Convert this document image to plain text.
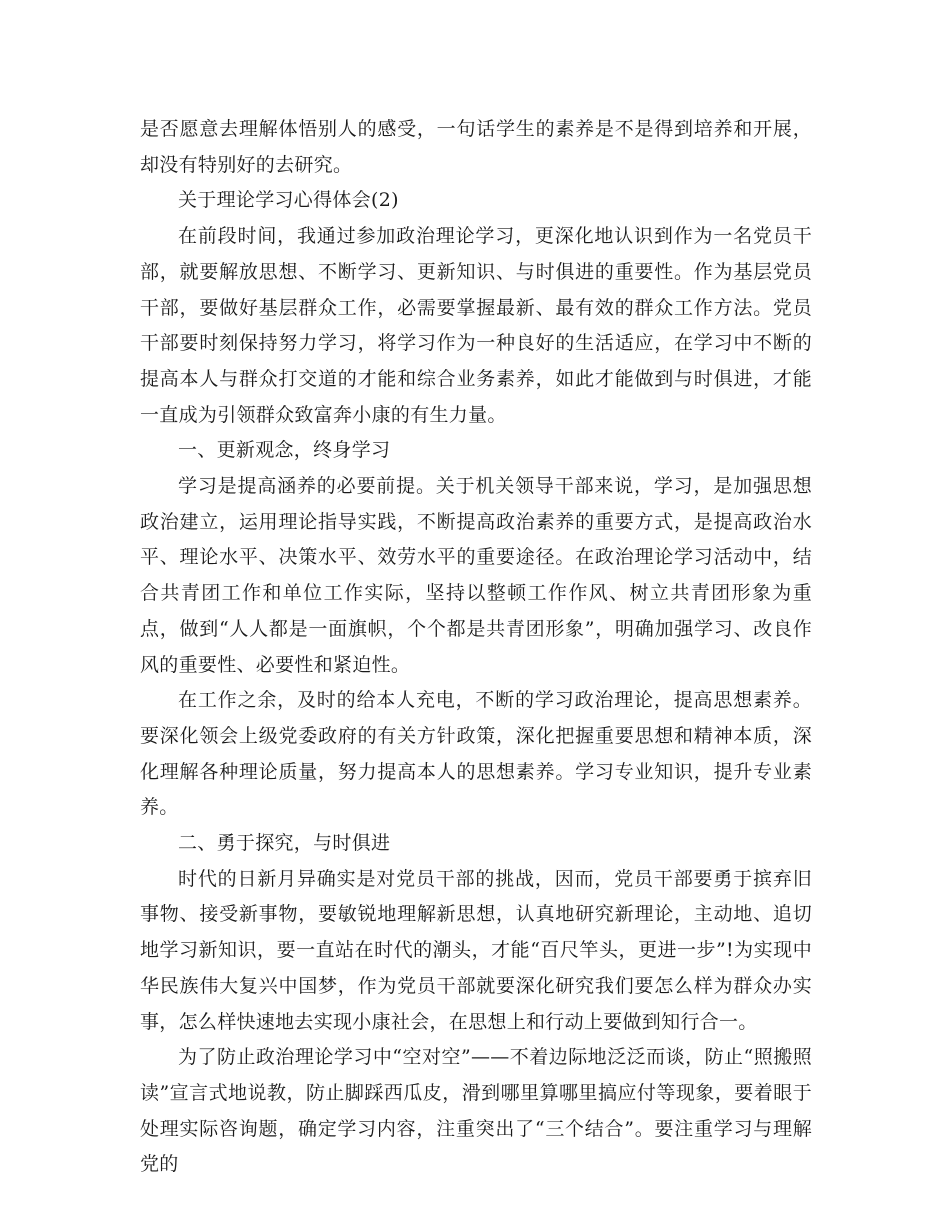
是否愿意去理解体悟别人的感受，一句话学生的素养是不是得到培养和开展，却没有特别好的去研究。

关于理论学习心得体会(2)

在前段时间，我通过参加政治理论学习，更深化地认识到作为一名党员干部，就要解放思想、不断学习、更新知识、与时俱进的重要性。作为基层党员干部，要做好基层群众工作，必需要掌握最新、最有效的群众工作方法。党员干部要时刻保持努力学习，将学习作为一种良好的生活适应，在学习中不断的提高本人与群众打交道的才能和综合业务素养，如此才能做到与时俱进，才能一直成为引领群众致富奔小康的有生力量。

一、更新观念，终身学习

学习是提高涵养的必要前提。关于机关领导干部来说，学习，是加强思想政治建立，运用理论指导实践，不断提高政治素养的重要方式，是提高政治水平、理论水平、决策水平、效劳水平的重要途径。在政治理论学习活动中，结合共青团工作和单位工作实际，坚持以整顿工作作风、树立共青团形象为重点，做到“人人都是一面旗帜，个个都是共青团形象”，明确加强学习、改良作风的重要性、必要性和紧迫性。

在工作之余，及时的给本人充电，不断的学习政治理论，提高思想素养。要深化领会上级党委政府的有关方针政策，深化把握重要思想和精神本质，深化理解各种理论质量，努力提高本人的思想素养。学习专业知识，提升专业素养。

二、勇于探究，与时俱进

时代的日新月异确实是对党员干部的挑战，因而，党员干部要勇于摈弃旧事物、接受新事物，要敏锐地理解新思想，认真地研究新理论，主动地、追切地学习新知识，要一直站在时代的潮头，才能“百尺竿头，更进一步”!为实现中华民族伟大复兴中国梦，作为党员干部就要深化研究我们要怎么样为群众办实事，怎么样快速地去实现小康社会，在思想上和行动上要做到知行合一。

为了防止政治理论学习中“空对空”——不着边际地泛泛而谈，防止“照搬照读”宣言式地说教，防止脚踩西瓜皮，滑到哪里算哪里搞应付等现象，要着眼于处理实际咨询题，确定学习内容，注重突出了“三个结合”。要注重学习与理解党的
